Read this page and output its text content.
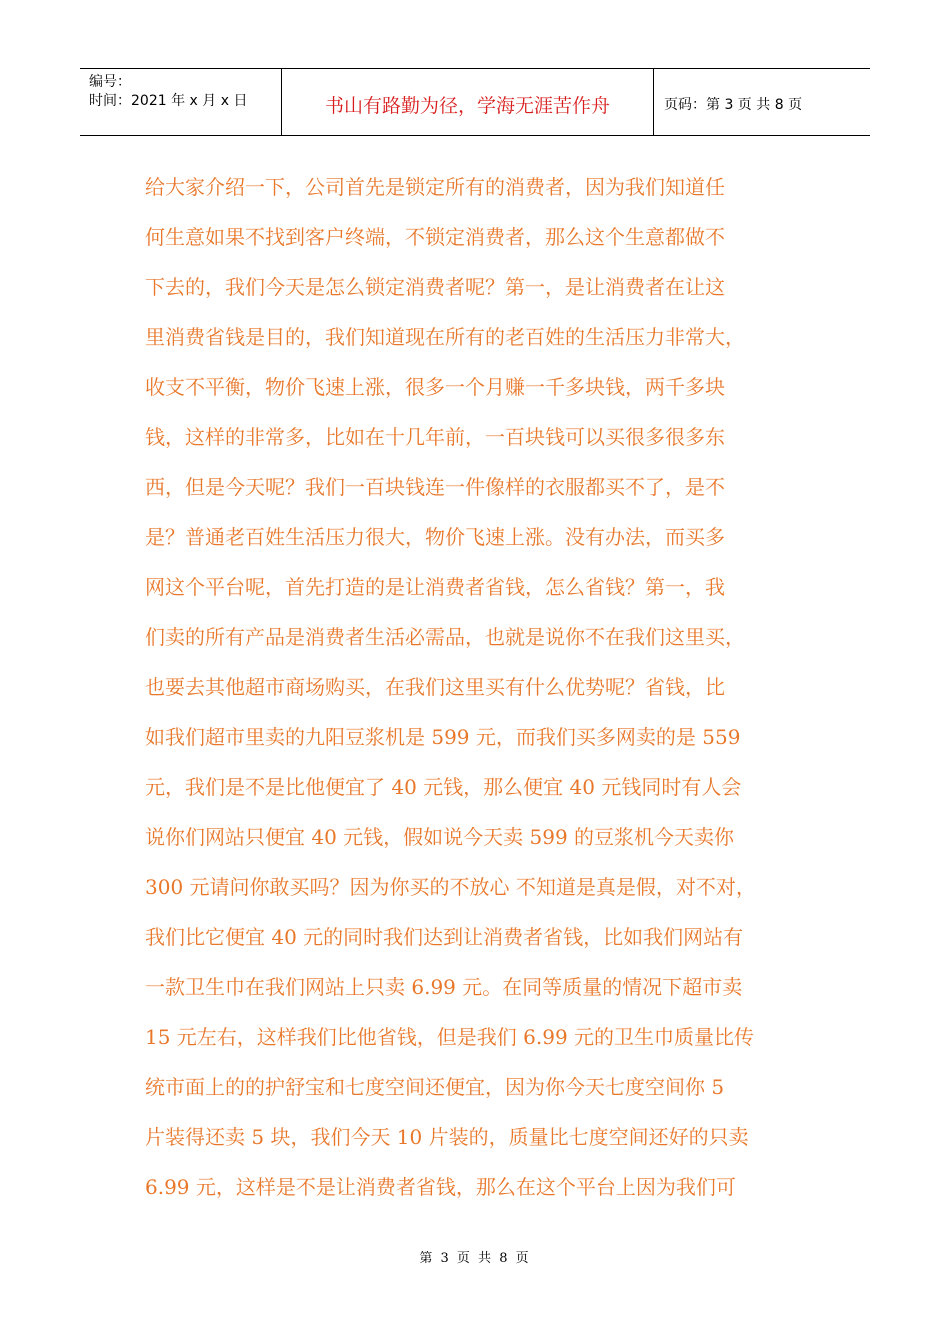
编号：
时间：2021 年 x 月 x 日	书山有路勤为径，学海无涯苦作舟	页码：第 3 页 共 8 页
给大家介绍一下，公司首先是锁定所有的消费者，因为我们知道任
何生意如果不找到客户终端，不锁定消费者，那么这个生意都做不
下去的，我们今天是怎么锁定消费者呢？第一，是让消费者在让这
里消费省钱是目的，我们知道现在所有的老百姓的生活压力非常大，
收支不平衡，物价飞速上涨，很多一个月赚一千多块钱，两千多块
钱，这样的非常多，比如在十几年前，一百块钱可以买很多很多东
西，但是今天呢？我们一百块钱连一件像样的衣服都买不了，是不
是？普通老百姓生活压力很大，物价飞速上涨。没有办法，而买多
网这个平台呢，首先打造的是让消费者省钱，怎么省钱？第一，我
们卖的所有产品是消费者生活必需品，也就是说你不在我们这里买，
也要去其他超市商场购买，在我们这里买有什么优势呢？省钱，比
如我们超市里卖的九阳豆浆机是 599 元，而我们买多网卖的是 559
元，我们是不是比他便宜了 40 元钱，那么便宜 40 元钱同时有人会
说你们网站只便宜 40 元钱，假如说今天卖 599 的豆浆机今天卖你
300 元请问你敢买吗？因为你买的不放心 不知道是真是假，对不对，
我们比它便宜 40 元的同时我们达到让消费者省钱，比如我们网站有
一款卫生巾在我们网站上只卖 6.99 元。在同等质量的情况下超市卖
15 元左右，这样我们比他省钱，但是我们 6.99 元的卫生巾质量比传
统市面上的的护舒宝和七度空间还便宜，因为你今天七度空间你 5
片装得还卖 5 块，我们今天 10 片装的，质量比七度空间还好的只卖
6.99 元，这样是不是让消费者省钱，那么在这个平台上因为我们可
第 3 页 共 8 页
